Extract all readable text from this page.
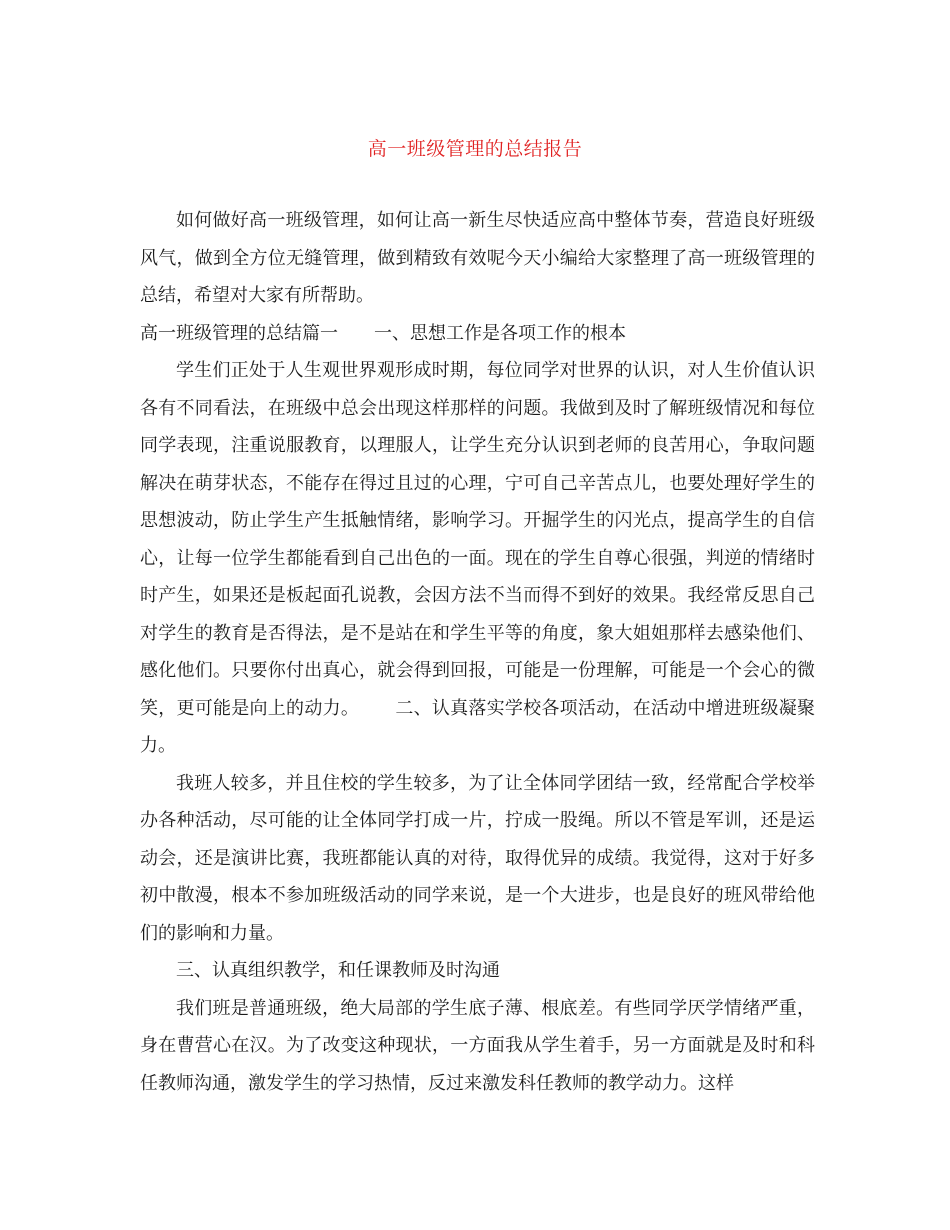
高一班级管理的总结报告

如何做好高一班级管理，如何让高一新生尽快适应高中整体节奏，营造良好班级风气，做到全方位无缝管理，做到精致有效呢今天小编给大家整理了高一班级管理的总结，希望对大家有所帮助。

高一班级管理的总结篇一 一、思想工作是各项工作的根本

学生们正处于人生观世界观形成时期，每位同学对世界的认识，对人生价值认识各有不同看法，在班级中总会出现这样那样的问题。我做到及时了解班级情况和每位同学表现，注重说服教育，以理服人，让学生充分认识到老师的良苦用心，争取问题解决在萌芽状态，不能存在得过且过的心理，宁可自己辛苦点儿，也要处理好学生的思想波动，防止学生产生抵触情绪，影响学习。开掘学生的闪光点，提高学生的自信心，让每一位学生都能看到自己出色的一面。现在的学生自尊心很强，判逆的情绪时时产生，如果还是板起面孔说教，会因方法不当而得不到好的效果。我经常反思自己对学生的教育是否得法，是不是站在和学生平等的角度，象大姐姐那样去感染他们、感化他们。只要你付出真心，就会得到回报，可能是一份理解，可能是一个会心的微笑，更可能是向上的动力。 二、认真落实学校各项活动，在活动中增进班级凝聚力。

我班人较多，并且住校的学生较多，为了让全体同学团结一致，经常配合学校举办各种活动，尽可能的让全体同学打成一片，拧成一股绳。所以不管是军训，还是运动会，还是演讲比赛，我班都能认真的对待，取得优异的成绩。我觉得，这对于好多初中散漫，根本不参加班级活动的同学来说，是一个大进步，也是良好的班风带给他们的影响和力量。

三、认真组织教学，和任课教师及时沟通

我们班是普通班级，绝大局部的学生底子薄、根底差。有些同学厌学情绪严重，身在曹营心在汉。为了改变这种现状，一方面我从学生着手，另一方面就是及时和科任教师沟通，激发学生的学习热情，反过来激发科任教师的教学动力。这样
